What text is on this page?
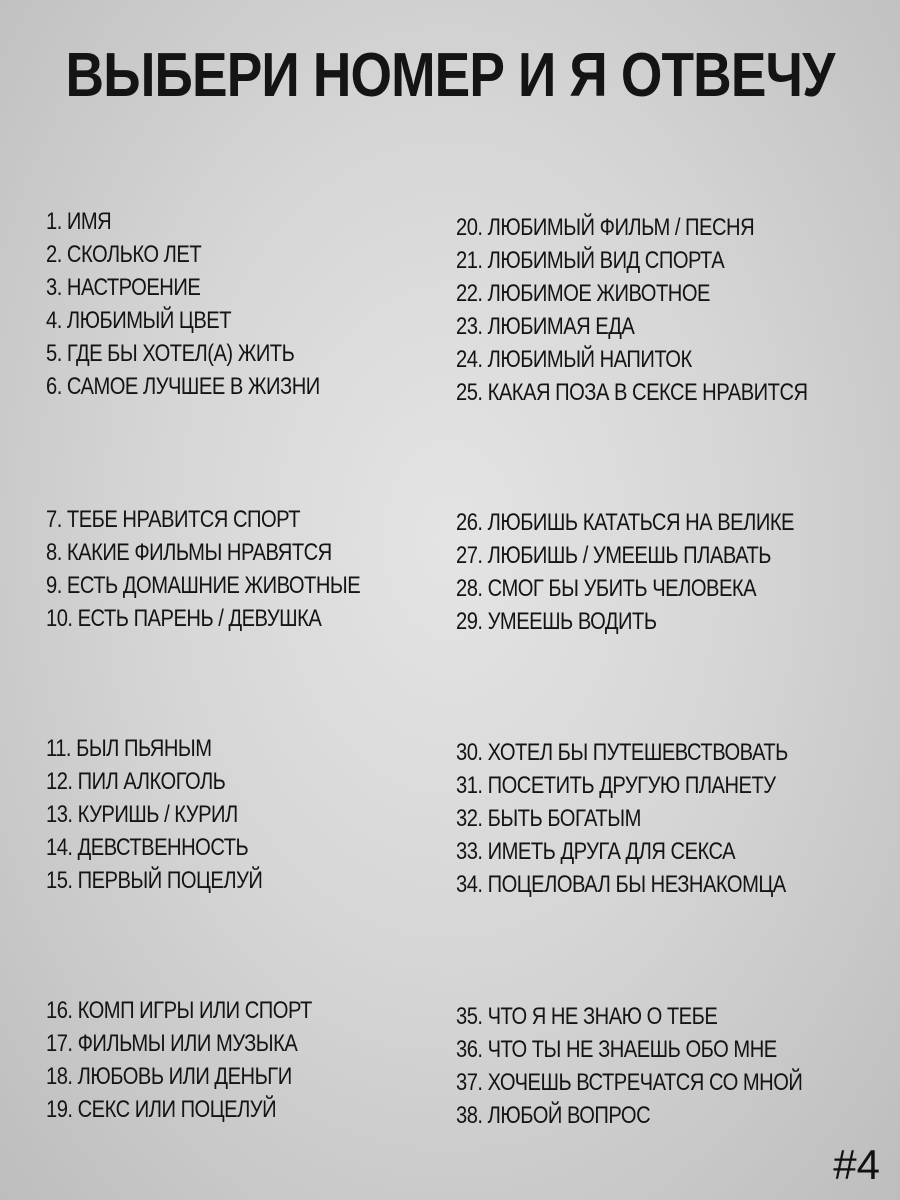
ВЫБЕРИ НОМЕР И Я ОТВЕЧУ
1. ИМЯ
2. СКОЛЬКО ЛЕТ
3. НАСТРОЕНИЕ
4. ЛЮБИМЫЙ ЦВЕТ
5. ГДЕ БЫ ХОТЕЛ(А) ЖИТЬ
6. САМОЕ ЛУЧШЕЕ В ЖИЗНИ
7. ТЕБЕ НРАВИТСЯ СПОРТ
8. КАКИЕ ФИЛЬМЫ НРАВЯТСЯ
9. ЕСТЬ ДОМАШНИЕ ЖИВОТНЫЕ
10. ЕСТЬ ПАРЕНЬ / ДЕВУШКА
11. БЫЛ ПЬЯНЫМ
12. ПИЛ АЛКОГОЛЬ
13. КУРИШЬ / КУРИЛ
14. ДЕВСТВЕННОСТЬ
15. ПЕРВЫЙ ПОЦЕЛУЙ
16. КОМП ИГРЫ ИЛИ СПОРТ
17. ФИЛЬМЫ ИЛИ МУЗЫКА
18. ЛЮБОВЬ ИЛИ ДЕНЬГИ
19. СЕКС ИЛИ ПОЦЕЛУЙ
20. ЛЮБИМЫЙ ФИЛЬМ / ПЕСНЯ
21. ЛЮБИМЫЙ ВИД СПОРТА
22. ЛЮБИМОЕ ЖИВОТНОЕ
23. ЛЮБИМАЯ ЕДА
24. ЛЮБИМЫЙ НАПИТОК
25. КАКАЯ ПОЗА В СЕКСЕ НРАВИТСЯ
26. ЛЮБИШЬ КАТАТЬСЯ НА ВЕЛИКЕ
27. ЛЮБИШЬ / УМЕЕШЬ ПЛАВАТЬ
28. СМОГ БЫ УБИТЬ ЧЕЛОВЕКА
29. УМЕЕШЬ ВОДИТЬ
30. ХОТЕЛ БЫ ПУТЕШЕВСТВОВАТЬ
31. ПОСЕТИТЬ ДРУГУЮ ПЛАНЕТУ
32. БЫТЬ БОГАТЫМ
33. ИМЕТЬ ДРУГА ДЛЯ СЕКСА
34. ПОЦЕЛОВАЛ БЫ НЕЗНАКОМЦА
35. ЧТО Я НЕ ЗНАЮ О ТЕБЕ
36. ЧТО ТЫ НЕ ЗНАЕШЬ ОБО МНЕ
37. ХОЧЕШЬ ВСТРЕЧАТСЯ СО МНОЙ
38. ЛЮБОЙ ВОПРОС
#4
